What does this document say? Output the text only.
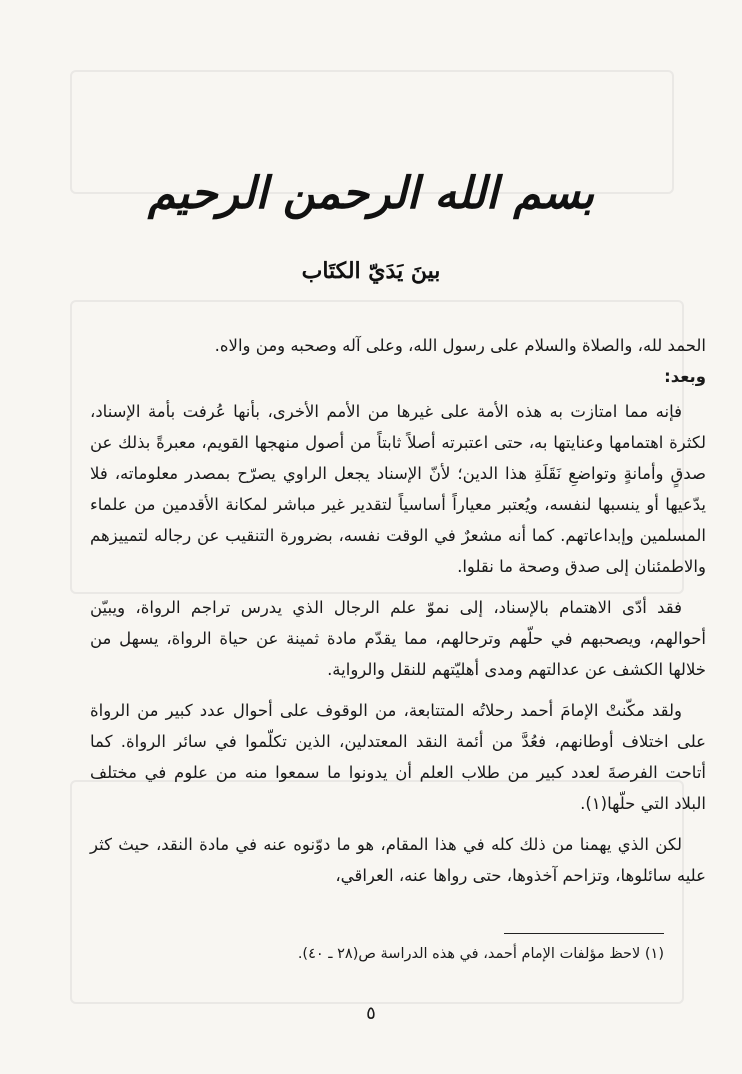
بسم الله الرحمن الرحيم
بينَ يَدَيّ الكتَاب

الحمد لله، والصلاة والسلام على رسول الله، وعلى آله وصحبه ومن والاه.

وبعد:

فإنه مما امتازت به هذه الأمة على غيرها من الأمم الأخرى، بأنها عُرفت بأمة الإسناد، لكثرة اهتمامها وعنايتها به، حتى اعتبرته أصلاً ثابتاً من أصول منهجها القويم، معبرةً بذلك عن صدقٍ وأمانةٍ وتواضعِ نَقَلَةِ هذا الدين؛ لأنّ الإسناد يجعل الراوي يصرّح بمصدر معلوماته، فلا يدّعيها أو ينسبها لنفسه، ويُعتبر معياراً أساسياً لتقدير غير مباشر لمكانة الأقدمين من علماء المسلمين وإبداعاتهم. كما أنه مشعرٌ في الوقت نفسه، بضرورة التنقيب عن رجاله لتمييزهم والاطمئنان إلى صدق وصحة ما نقلوا.

فقد أدّى الاهتمام بالإسناد، إلى نموّ علم الرجال الذي يدرس تراجم الرواة، ويبيّن أحوالهم، ويصحبهم في حلّهم وترحالهم، مما يقدّم مادة ثمينة عن حياة الرواة، يسهل من خلالها الكشف عن عدالتهم ومدى أهليّتهم للنقل والرواية.

ولقد مكّنتْ الإمامَ أحمد رحلاتُه المتتابعة، من الوقوف على أحوال عدد كبير من الرواة على اختلاف أوطانهم، فعُدَّ من أئمة النقد المعتدلين، الذين تكلّموا في سائر الرواة. كما أتاحت الفرصةَ لعدد كبير من طلاب العلم أن يدونوا ما سمعوا منه من علوم في مختلف البلاد التي حلّها(١).

لكن الذي يهمنا من ذلك كله في هذا المقام، هو ما دوّنوه عنه في مادة النقد، حيث كثر عليه سائلوها، وتزاحم آخذوها، حتى رواها عنه، العراقي،

(١) لاحظ مؤلفات الإمام أحمد، في هذه الدراسة ص(٢٨ ـ ٤٠).
٥
